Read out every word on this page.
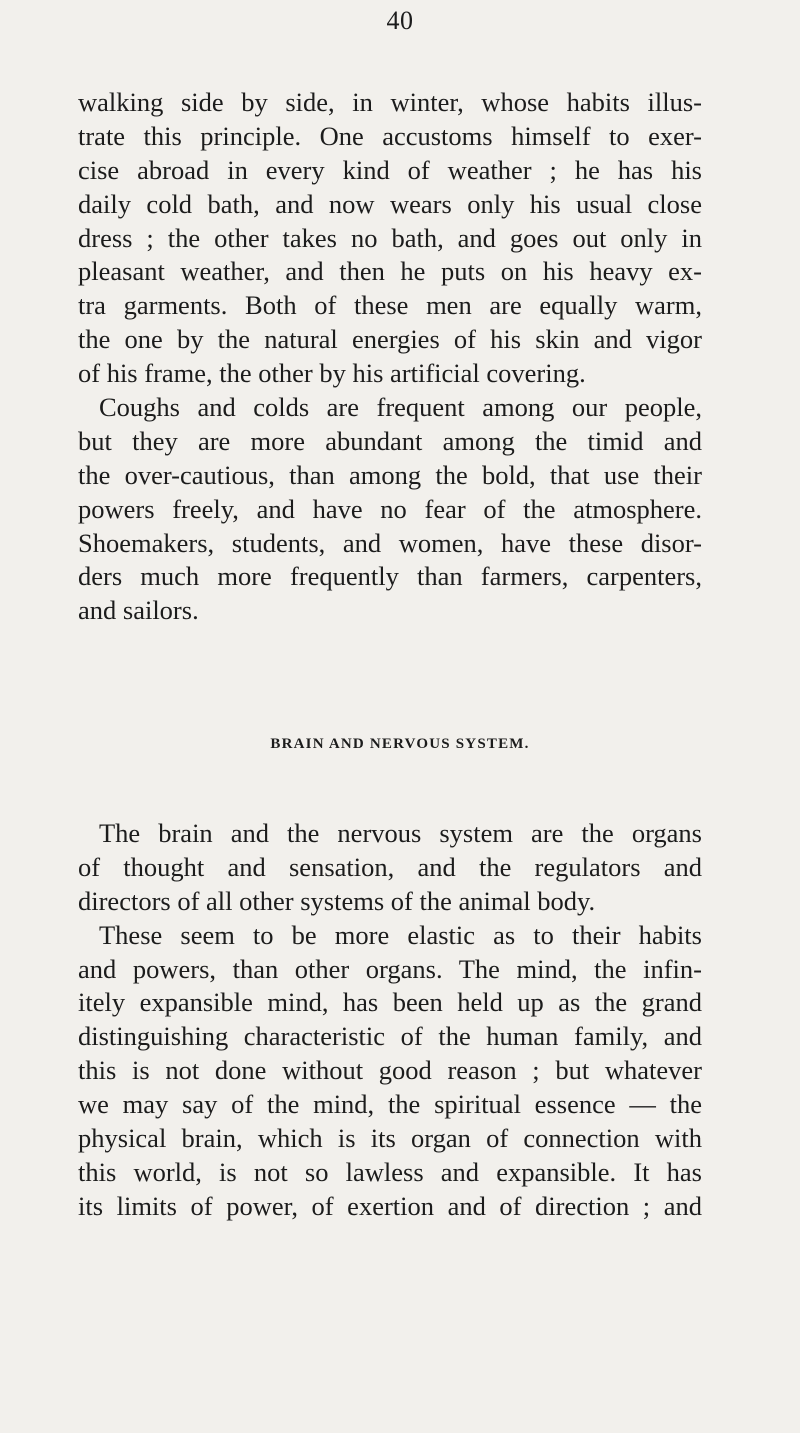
40
walking side by side, in winter, whose habits illus-
trate this principle. One accustoms himself to exer-
cise abroad in every kind of weather ; he has his
daily cold bath, and now wears only his usual close
dress ; the other takes no bath, and goes out only in
pleasant weather, and then he puts on his heavy ex-
tra garments. Both of these men are equally warm,
the one by the natural energies of his skin and vigor
of his frame, the other by his artificial covering.
Coughs and colds are frequent among our people,
but they are more abundant among the timid and
the over-cautious, than among the bold, that use their
powers freely, and have no fear of the atmosphere.
Shoemakers, students, and women, have these disor-
ders much more frequently than farmers, carpenters,
and sailors.
BRAIN AND NERVOUS SYSTEM.
The brain and the nervous system are the organs
of thought and sensation, and the regulators and
directors of all other systems of the animal body.
These seem to be more elastic as to their habits
and powers, than other organs. The mind, the infin-
itely expansible mind, has been held up as the grand
distinguishing characteristic of the human family, and
this is not done without good reason ; but whatever
we may say of the mind, the spiritual essence — the
physical brain, which is its organ of connection with
this world, is not so lawless and expansible. It has
its limits of power, of exertion and of direction ; and
